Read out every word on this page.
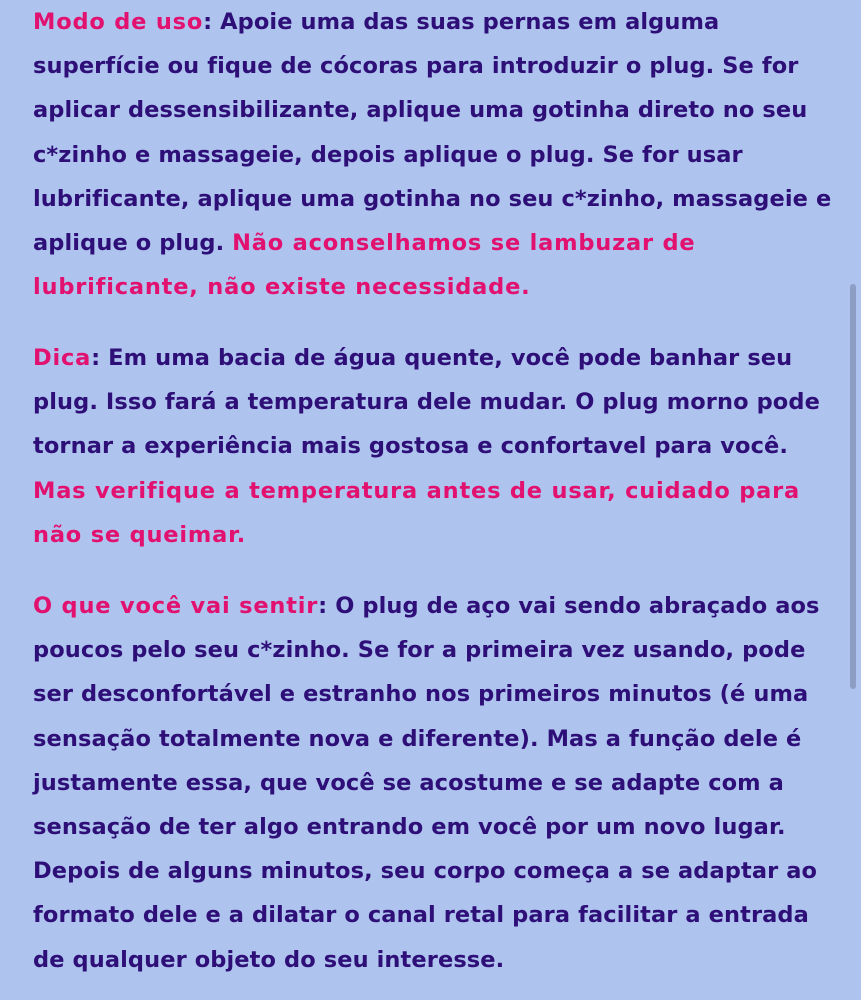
Modo de uso: Apoie uma das suas pernas em alguma superfície ou fique de cócoras para introduzir o plug. Se for aplicar dessensibilizante, aplique uma gotinha direto no seu c*zinho e massageie, depois aplique o plug. Se for usar lubrificante, aplique uma gotinha no seu c*zinho, massageie e aplique o plug. Não aconselhamos se lambuzar de lubrificante, não existe necessidade.

Dica: Em uma bacia de água quente, você pode banhar seu plug. Isso fará a temperatura dele mudar. O plug morno pode tornar a experiência mais gostosa e confortavel para você. Mas verifique a temperatura antes de usar, cuidado para não se queimar.

O que você vai sentir: O plug de aço vai sendo abraçado aos poucos pelo seu c*zinho. Se for a primeira vez usando, pode ser desconfortável e estranho nos primeiros minutos (é uma sensação totalmente nova e diferente). Mas a função dele é justamente essa, que você se acostume e se adapte com a sensação de ter algo entrando em você por um novo lugar. Depois de alguns minutos, seu corpo começa a se adaptar ao formato dele e a dilatar o canal retal para facilitar a entrada de qualquer objeto do seu interesse.
